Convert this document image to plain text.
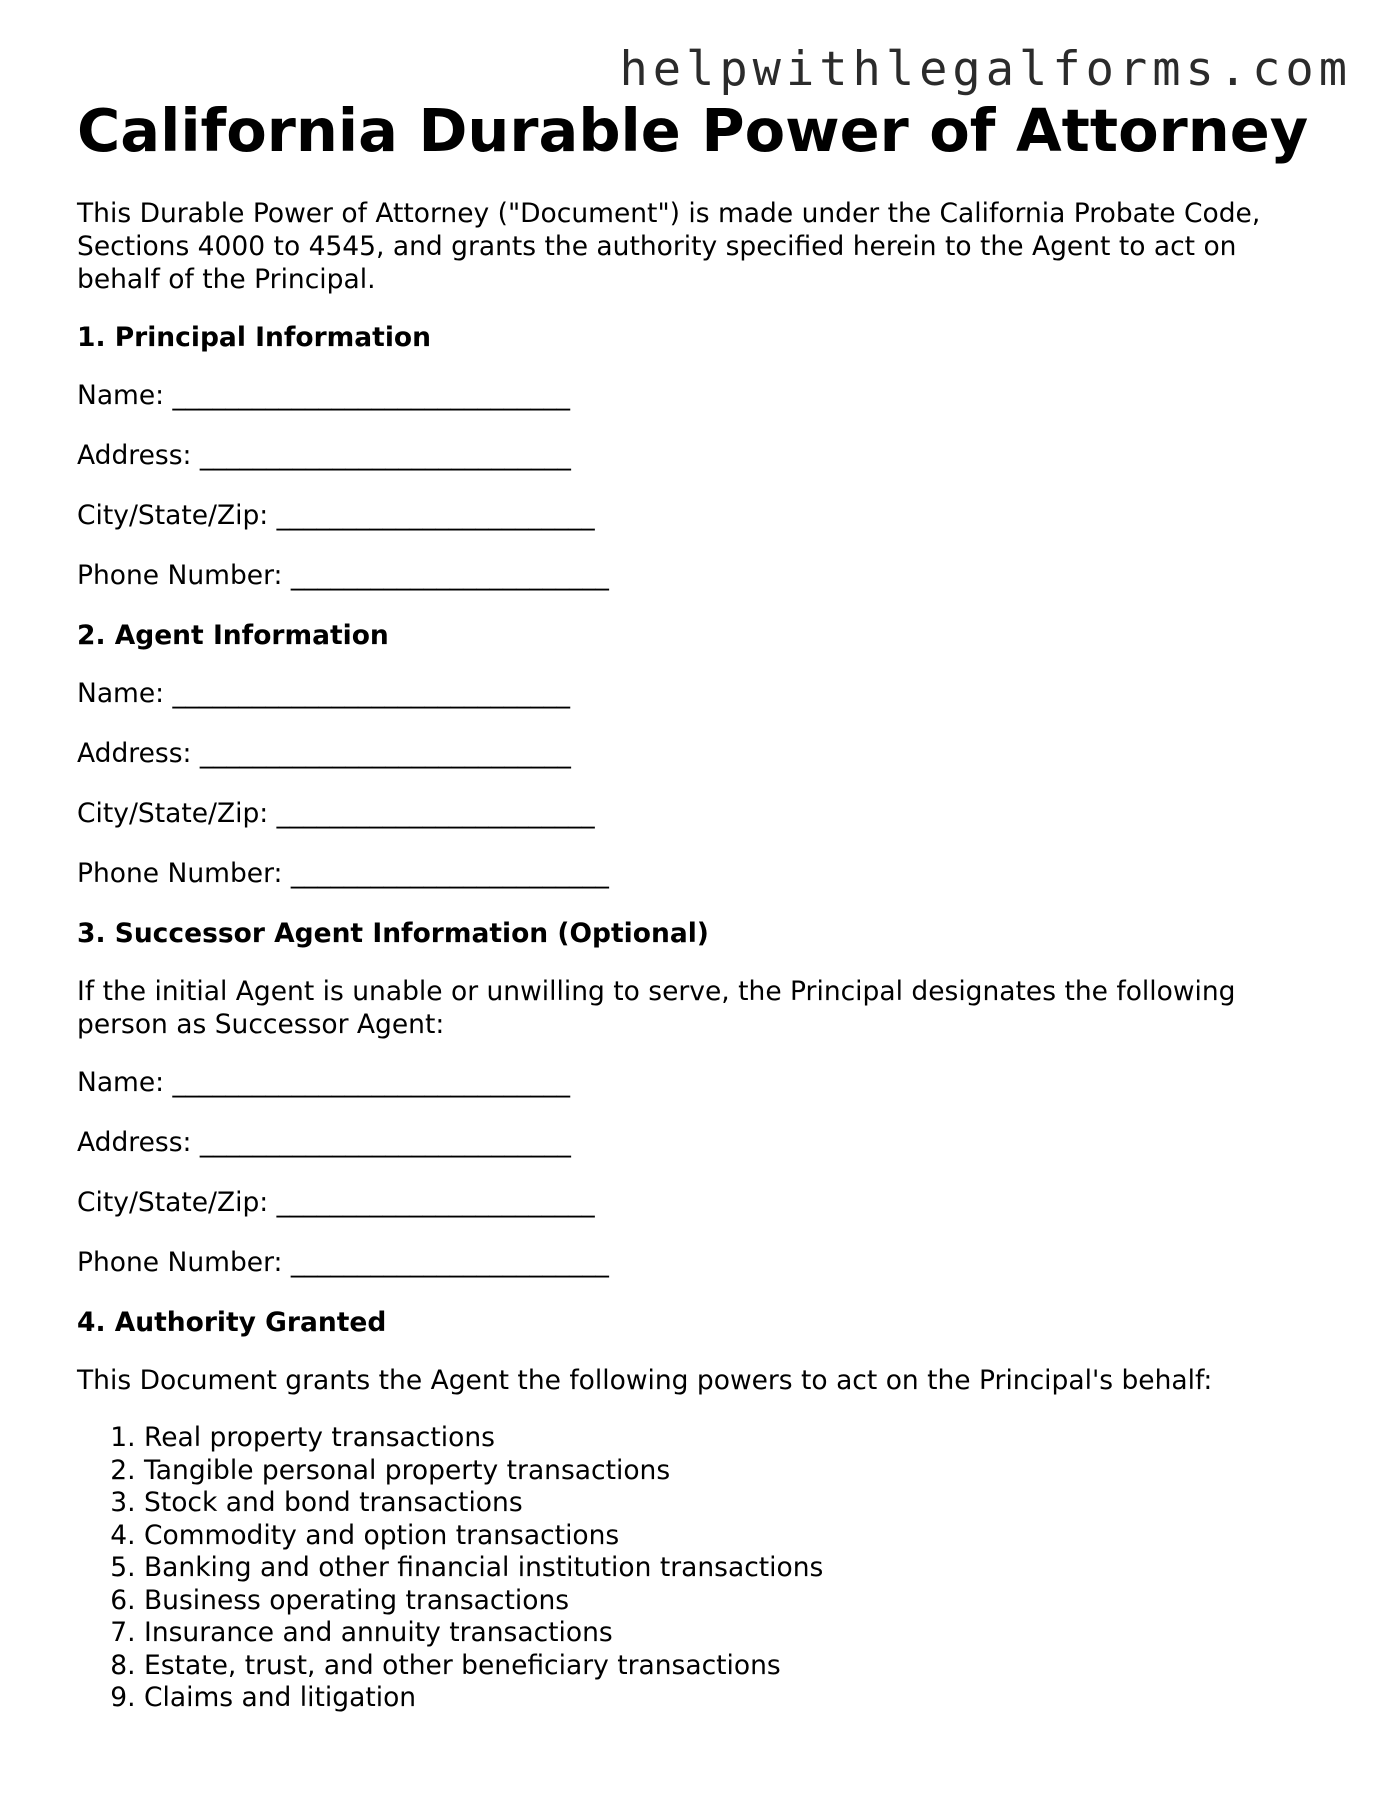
helpwithlegalforms.com
California Durable Power of Attorney

This Durable Power of Attorney ("Document") is made under the California Probate Code, Sections 4000 to 4545, and grants the authority specified herein to the Agent to act on behalf of the Principal.

1. Principal Information
Name: ______________________________
Address: ____________________________
City/State/Zip: ________________________
Phone Number: ________________________
2. Agent Information
Name: ______________________________
Address: ____________________________
City/State/Zip: ________________________
Phone Number: ________________________
3. Successor Agent Information (Optional)

If the initial Agent is unable or unwilling to serve, the Principal designates the following person as Successor Agent:

Name: ______________________________
Address: ____________________________
City/State/Zip: ________________________
Phone Number: ________________________
4. Authority Granted

This Document grants the Agent the following powers to act on the Principal's behalf:

1. Real property transactions
2. Tangible personal property transactions
3. Stock and bond transactions
4. Commodity and option transactions
5. Banking and other financial institution transactions
6. Business operating transactions
7. Insurance and annuity transactions
8. Estate, trust, and other beneficiary transactions
9. Claims and litigation
